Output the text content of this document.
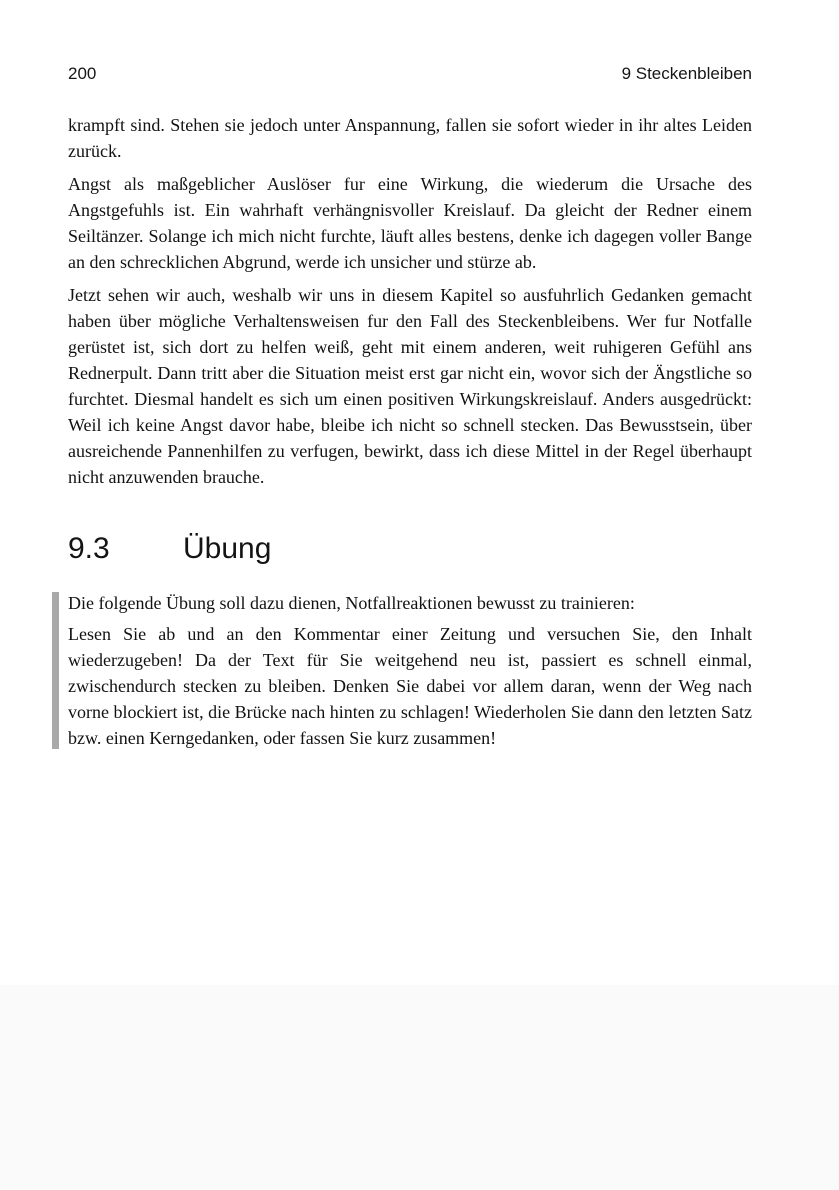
200	9 Steckenbleiben

krampft sind. Stehen sie jedoch unter Anspannung, fallen sie sofort wieder in ihr altes Leiden zurück.

Angst als maßgeblicher Auslöser fur eine Wirkung, die wiederum die Ursache des Angstgefuhls ist. Ein wahrhaft verhängnisvoller Kreislauf. Da gleicht der Redner einem Seiltänzer. Solange ich mich nicht furchte, läuft alles bestens, denke ich dagegen voller Bange an den schrecklichen Abgrund, werde ich unsicher und stürze ab.

Jetzt sehen wir auch, weshalb wir uns in diesem Kapitel so ausfuhrlich Gedanken gemacht haben über mögliche Verhaltensweisen fur den Fall des Steckenbleibens. Wer fur Notfalle gerüstet ist, sich dort zu helfen weiß, geht mit einem anderen, weit ruhigeren Gefühl ans Rednerpult. Dann tritt aber die Situation meist erst gar nicht ein, wovor sich der Ängstliche so furchtet. Diesmal handelt es sich um einen positiven Wirkungskreislauf. Anders ausgedrückt: Weil ich keine Angst davor habe, bleibe ich nicht so schnell stecken. Das Bewusstsein, über ausreichende Pannenhilfen zu verfugen, bewirkt, dass ich diese Mittel in der Regel überhaupt nicht anzuwenden brauche.

9.3	Übung

Die folgende Übung soll dazu dienen, Notfallreaktionen bewusst zu trainieren:

Lesen Sie ab und an den Kommentar einer Zeitung und versuchen Sie, den Inhalt wiederzugeben! Da der Text für Sie weitgehend neu ist, passiert es schnell einmal, zwischendurch stecken zu bleiben. Denken Sie dabei vor allem daran, wenn der Weg nach vorne blockiert ist, die Brücke nach hinten zu schlagen! Wiederholen Sie dann den letzten Satz bzw. einen Kerngedanken, oder fassen Sie kurz zusammen!
